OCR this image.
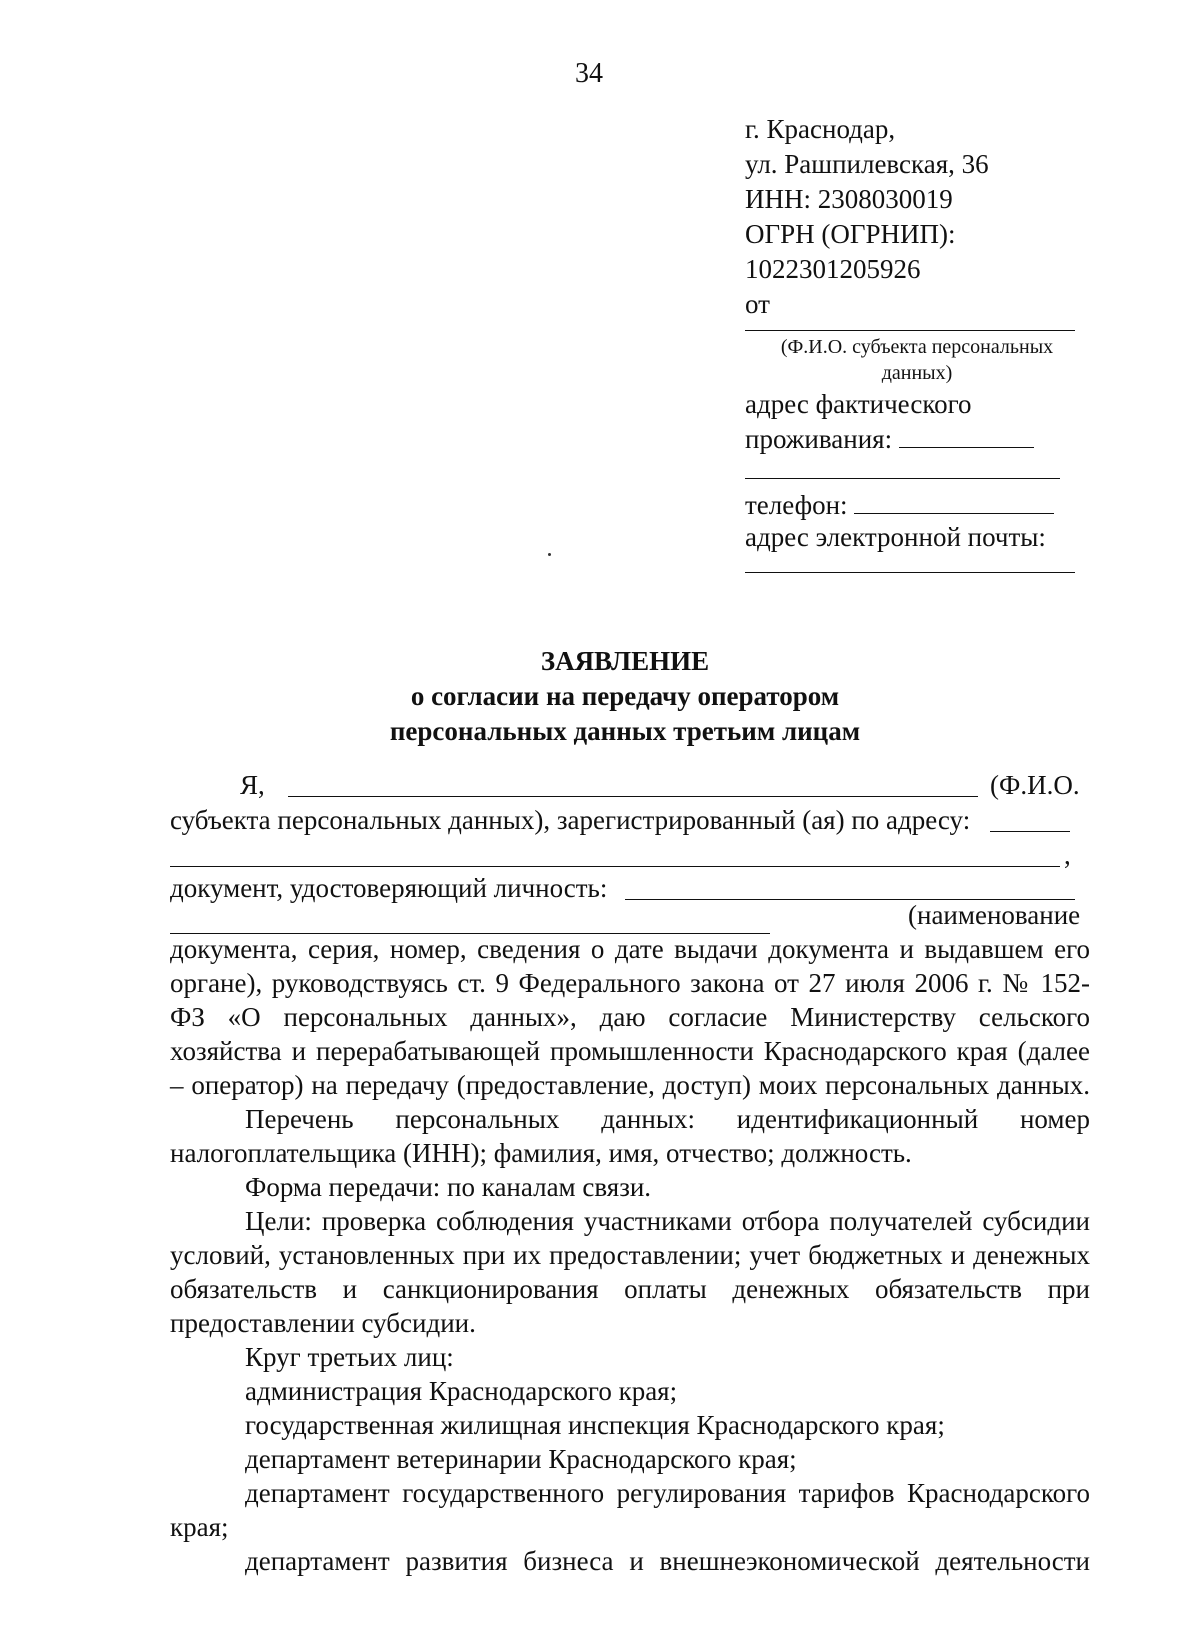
34
г. Краснодар,
ул. Рашпилевская, 36
ИНН: 2308030019
ОГРН (ОГРНИП):
1022301205926
от
(Ф.И.О. субъекта персональных
данных)
адрес фактического
проживания:
телефон:
адрес электронной почты:
ЗАЯВЛЕНИЕ
о согласии на передачу оператором
персональных данных третьим лицам
Я,	(Ф.И.О.
субъекта персональных данных), зарегистрированный (ая) по адресу:
,
документ, удостоверяющий личность:
(наименование
документа, серия, номер, сведения о дате выдачи документа и выдавшем его
органе), руководствуясь ст. 9 Федерального закона от 27 июля 2006 г. № 152-
ФЗ «О персональных данных», даю согласие Министерству сельского
хозяйства и перерабатывающей промышленности Краснодарского края (далее
– оператор) на передачу (предоставление, доступ) моих персональных данных.
Перечень персональных данных: идентификационный номер
налогоплательщика (ИНН); фамилия, имя, отчество; должность.
Форма передачи: по каналам связи.
Цели: проверка соблюдения участниками отбора получателей субсидии
условий, установленных при их предоставлении; учет бюджетных и денежных
обязательств и санкционирования оплаты денежных обязательств при
предоставлении субсидии.
Круг третьих лиц:
администрация Краснодарского края;
государственная жилищная инспекция Краснодарского края;
департамент ветеринарии Краснодарского края;
департамент государственного регулирования тарифов Краснодарского
края;
департамент развития бизнеса и внешнеэкономической деятельности
